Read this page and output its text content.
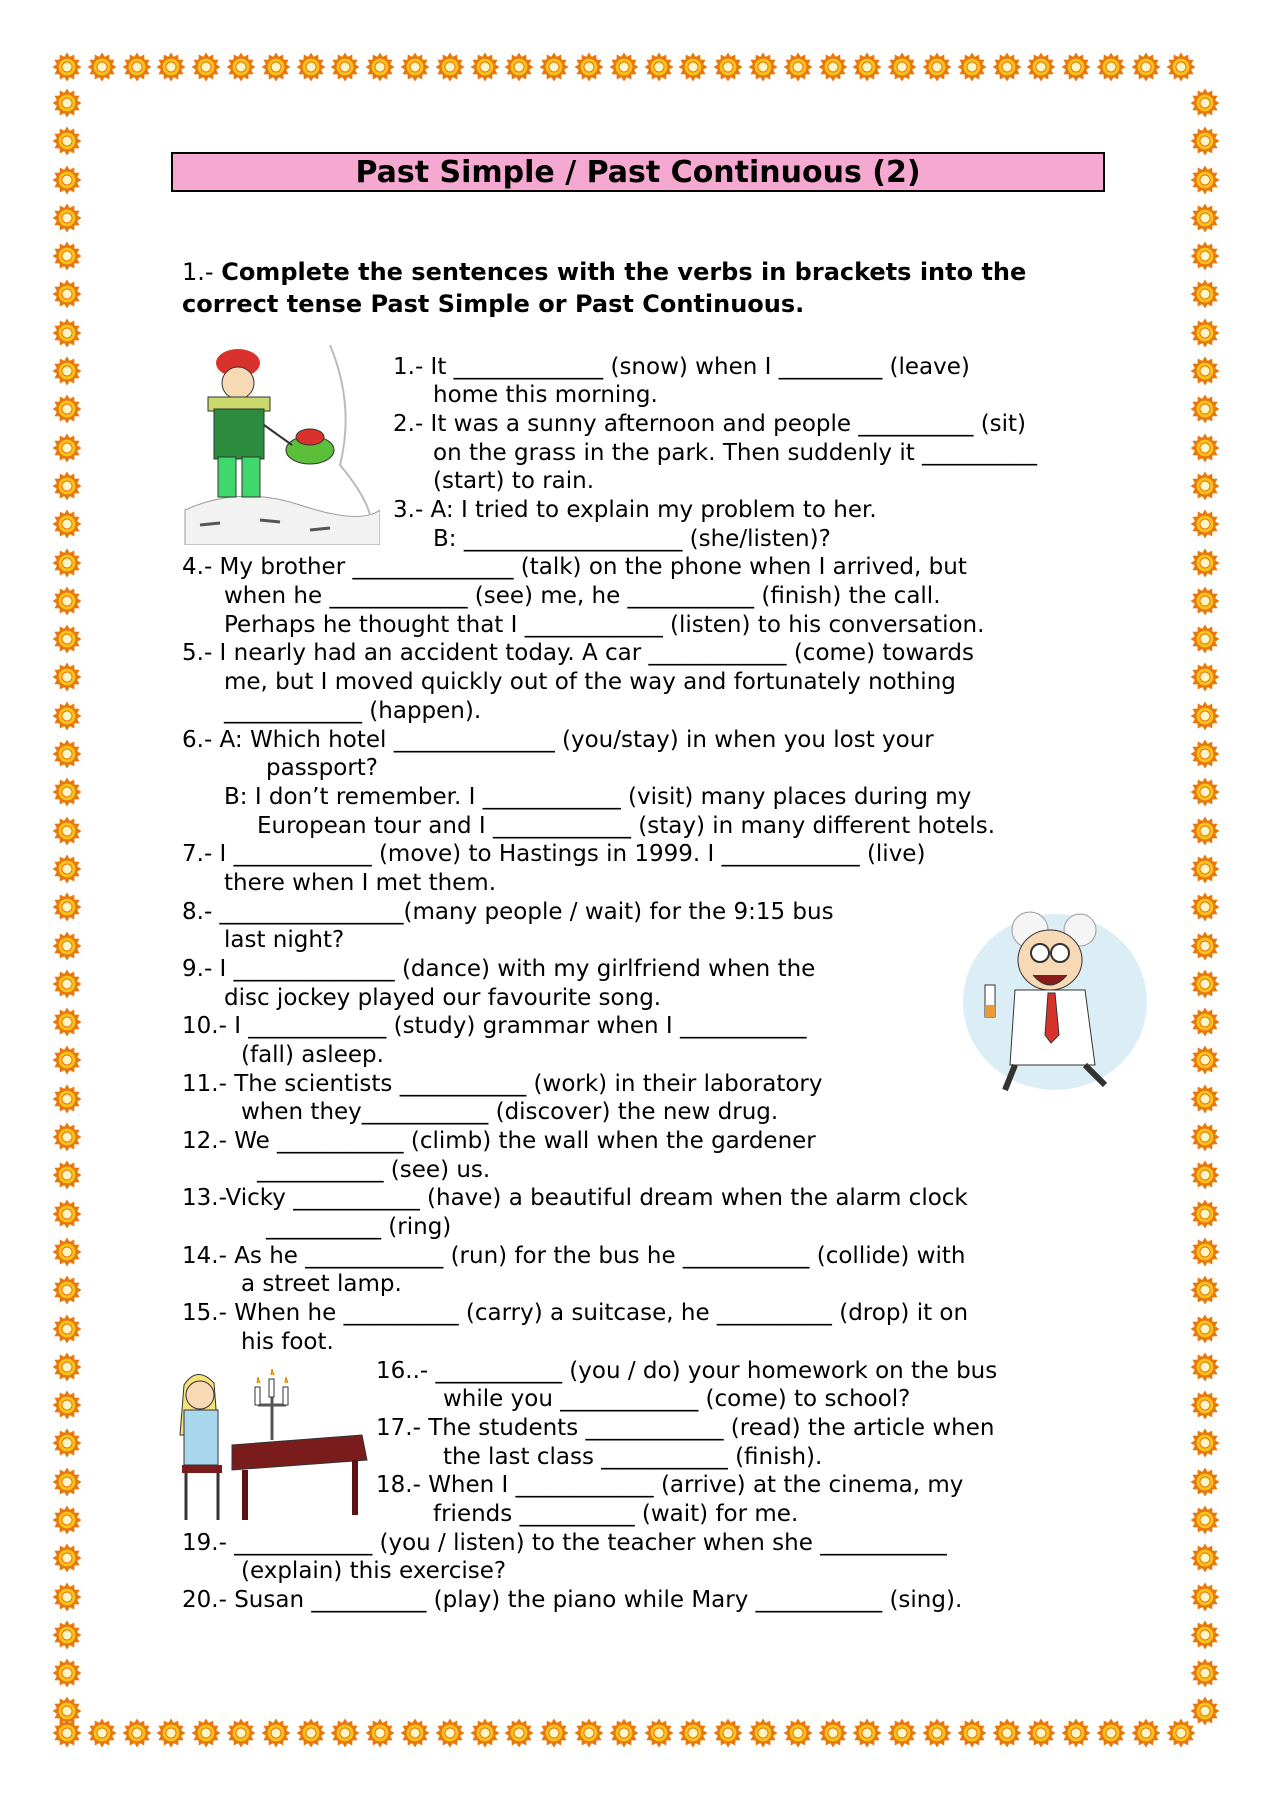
Past Simple / Past Continuous (2)
1.- Complete the sentences with the verbs in brackets into the correct tense Past Simple or Past Continuous.
1.- It _____________ (snow) when I _________ (leave)
home this morning.
2.- It was a sunny afternoon and people __________ (sit)
on the grass in the park. Then suddenly it __________
(start) to rain.
3.- A: I tried to explain my problem to her.
B: ___________________ (she/listen)?
4.- My brother ______________ (talk) on the phone when I arrived, but
when he ____________ (see) me, he ___________ (finish) the call.
Perhaps he thought that I ____________ (listen) to his conversation.
5.- I nearly had an accident today. A car ____________ (come) towards
me, but I moved quickly out of the way and fortunately nothing
____________ (happen).
6.- A: Which hotel ______________ (you/stay) in when you lost your
passport?
B: I don’t remember. I ____________ (visit) many places during my
European tour and I ____________ (stay) in many different hotels.
7.- I ____________ (move) to Hastings in 1999. I ____________ (live)
there when I met them.
8.- ________________(many people / wait) for the 9:15 bus
last night?
9.- I ______________ (dance) with my girlfriend when the
disc jockey played our favourite song.
10.- I ____________ (study) grammar when I ___________
(fall) asleep.
11.- The scientists ___________ (work) in their laboratory
when they___________ (discover) the new drug.
12.- We ___________ (climb) the wall when the gardener
___________ (see) us.
13.-Vicky ___________ (have) a beautiful dream when the alarm clock
__________ (ring)
14.- As he ____________ (run) for the bus he ___________ (collide) with
a street lamp.
15.- When he __________ (carry) a suitcase, he __________ (drop) it on
his foot.
16..- ___________ (you / do) your homework on the bus
while you ____________ (come) to school?
17.- The students ____________ (read) the article when
the last class ___________ (finish).
18.- When I ____________ (arrive) at the cinema, my
friends __________ (wait) for me.
19.- ____________ (you / listen) to the teacher when she ___________
(explain) this exercise?
20.- Susan __________ (play) the piano while Mary ___________ (sing).
